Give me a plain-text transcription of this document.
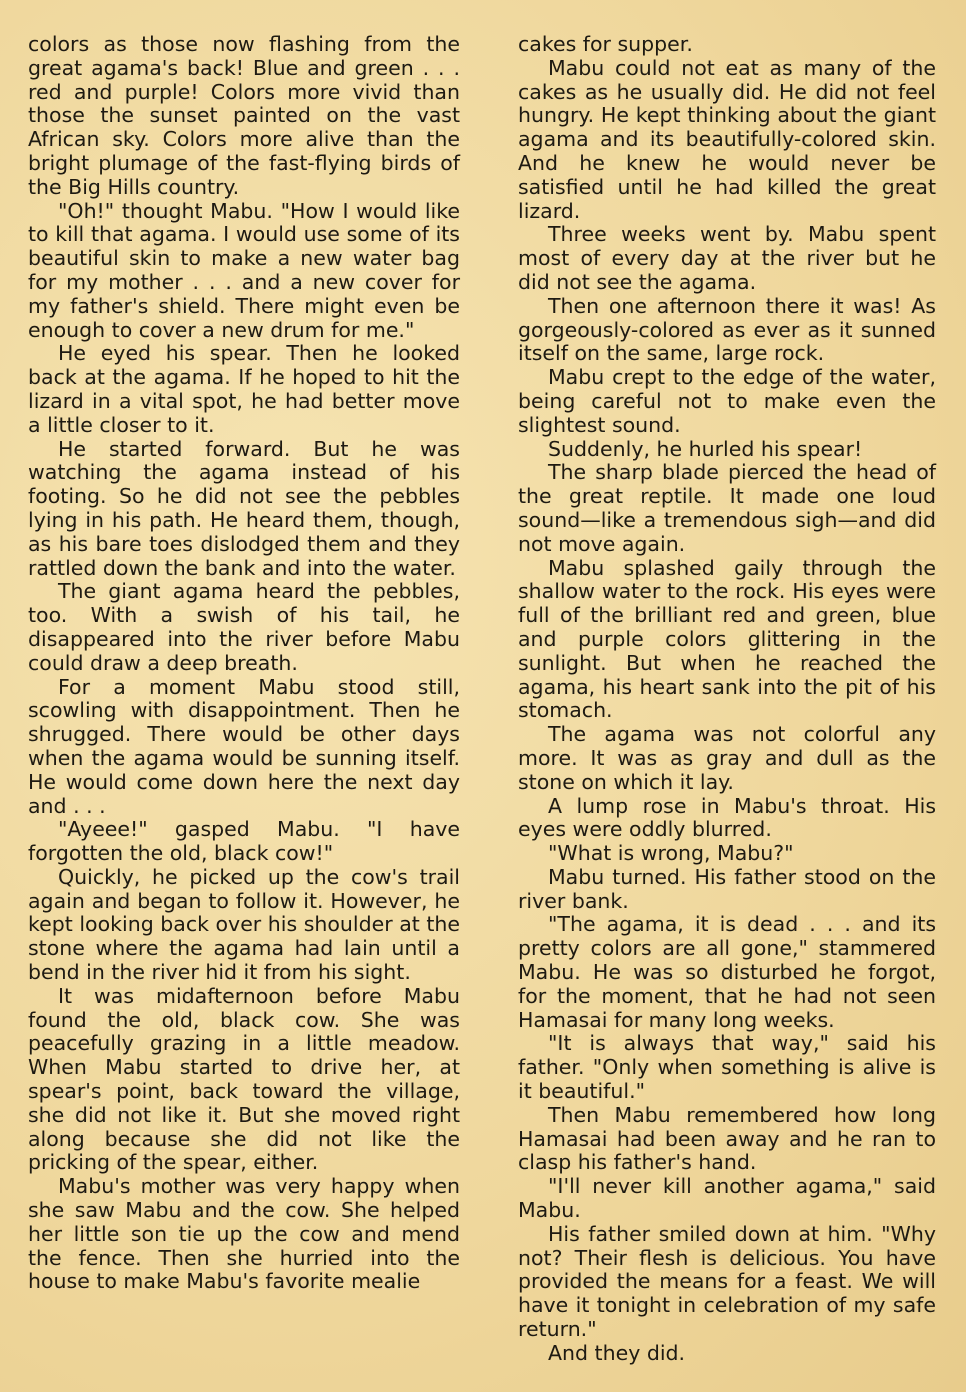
colors as those now flashing from the great agama's back! Blue and green . . . red and purple! Colors more vivid than those the sunset painted on the vast African sky. Colors more alive than the bright plumage of the fast-flying birds of the Big Hills country.

"Oh!" thought Mabu. "How I would like to kill that agama. I would use some of its beautiful skin to make a new water bag for my mother . . . and a new cover for my father's shield. There might even be enough to cover a new drum for me."

He eyed his spear. Then he looked back at the agama. If he hoped to hit the lizard in a vital spot, he had better move a little closer to it.

He started forward. But he was watching the agama instead of his footing. So he did not see the pebbles lying in his path. He heard them, though, as his bare toes dislodged them and they rattled down the bank and into the water.

The giant agama heard the pebbles, too. With a swish of his tail, he disappeared into the river before Mabu could draw a deep breath.

For a moment Mabu stood still, scowling with disappointment. Then he shrugged. There would be other days when the agama would be sunning itself. He would come down here the next day and . . .

"Ayeee!" gasped Mabu. "I have forgotten the old, black cow!"

Quickly, he picked up the cow's trail again and began to follow it. However, he kept looking back over his shoulder at the stone where the agama had lain until a bend in the river hid it from his sight.

It was midafternoon before Mabu found the old, black cow. She was peacefully grazing in a little meadow. When Mabu started to drive her, at spear's point, back toward the village, she did not like it. But she moved right along because she did not like the pricking of the spear, either.

Mabu's mother was very happy when she saw Mabu and the cow. She helped her little son tie up the cow and mend the fence. Then she hurried into the house to make Mabu's favorite mealie

cakes for supper.

Mabu could not eat as many of the cakes as he usually did. He did not feel hungry. He kept thinking about the giant agama and its beautifully-colored skin. And he knew he would never be satisfied until he had killed the great lizard.

Three weeks went by. Mabu spent most of every day at the river but he did not see the agama.

Then one afternoon there it was! As gorgeously-colored as ever as it sunned itself on the same, large rock.

Mabu crept to the edge of the water, being careful not to make even the slightest sound.

Suddenly, he hurled his spear!

The sharp blade pierced the head of the great reptile. It made one loud sound—like a tremendous sigh—and did not move again.

Mabu splashed gaily through the shallow water to the rock. His eyes were full of the brilliant red and green, blue and purple colors glittering in the sunlight. But when he reached the agama, his heart sank into the pit of his stomach.

The agama was not colorful any more. It was as gray and dull as the stone on which it lay.

A lump rose in Mabu's throat. His eyes were oddly blurred.

"What is wrong, Mabu?"

Mabu turned. His father stood on the river bank.

"The agama, it is dead . . . and its pretty colors are all gone," stammered Mabu. He was so disturbed he forgot, for the moment, that he had not seen Hamasai for many long weeks.

"It is always that way," said his father. "Only when something is alive is it beautiful."

Then Mabu remembered how long Hamasai had been away and he ran to clasp his father's hand.

"I'll never kill another agama," said Mabu.

His father smiled down at him. "Why not? Their flesh is delicious. You have provided the means for a feast. We will have it tonight in celebration of my safe return."

And they did.
